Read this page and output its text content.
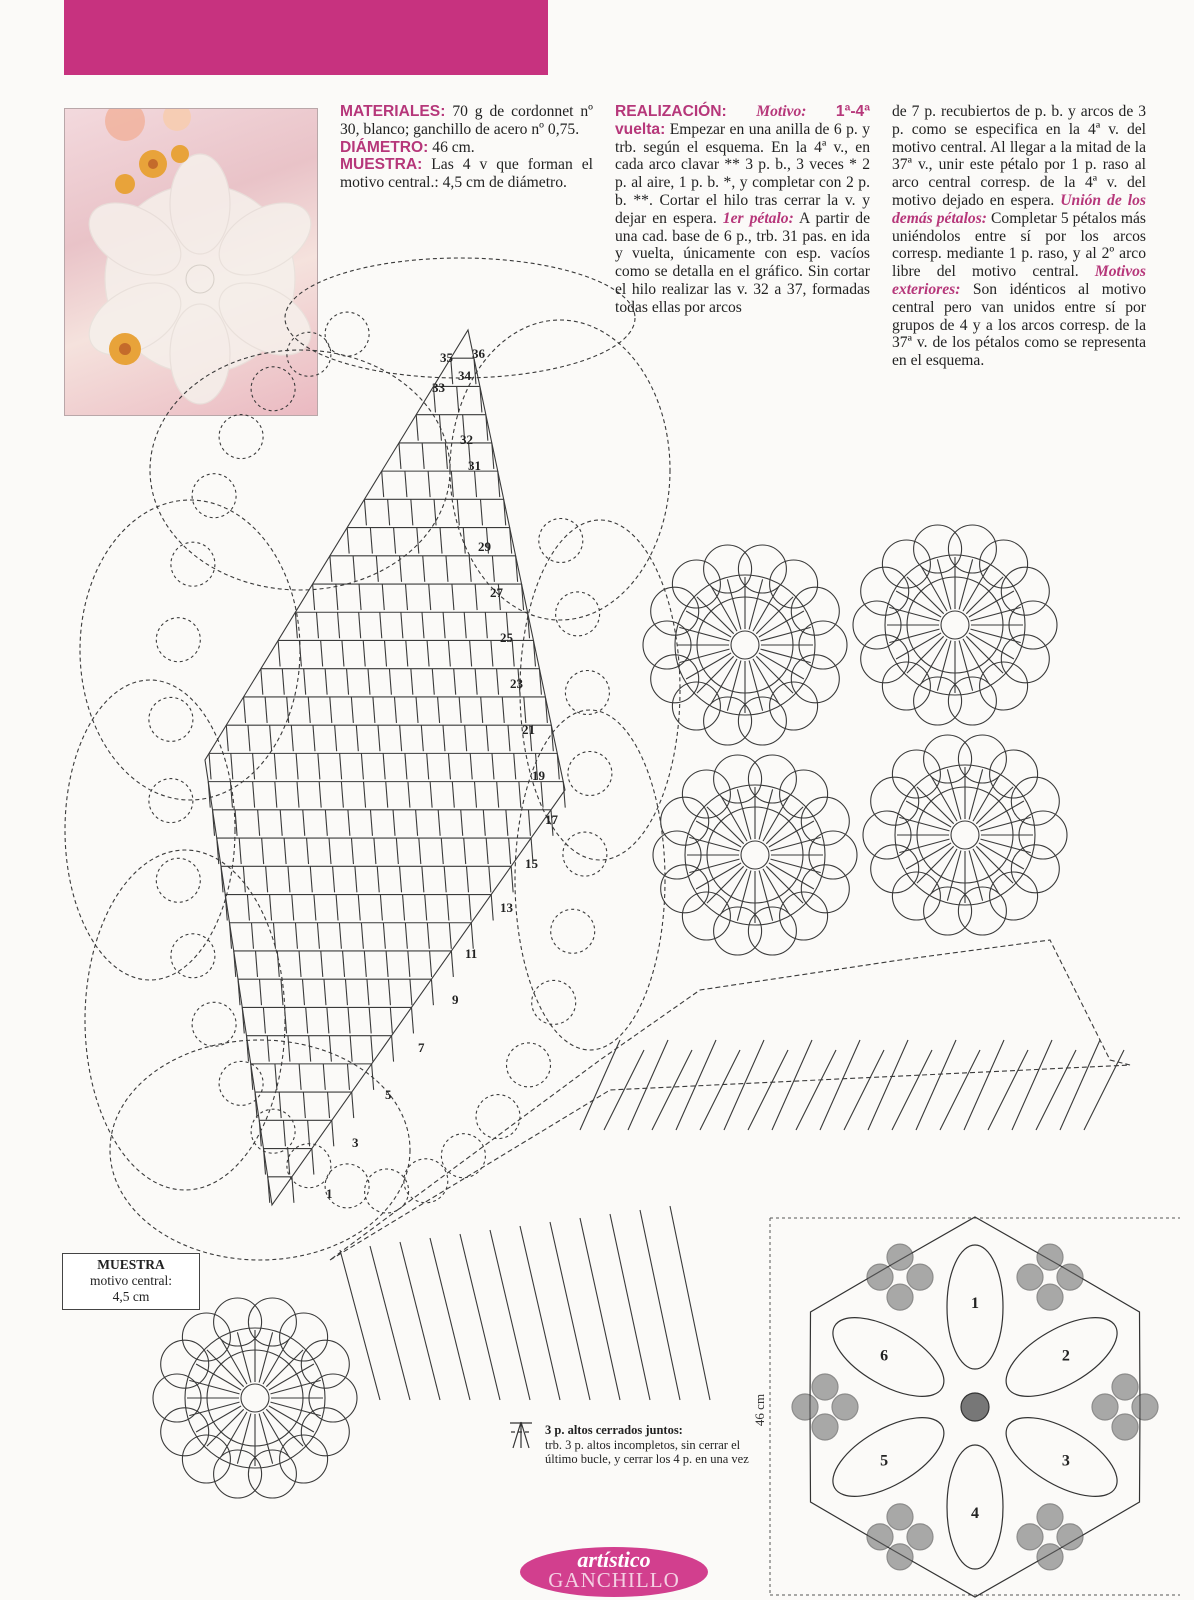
MATERIALES: 70 g de cordonnet nº 30, blanco; ganchillo de acero nº 0,75.

DIÁMETRO: 46 cm.

MUESTRA: Las 4 v que forman el motivo central.: 4,5 cm de diámetro.

REALIZACIÓN: Motivo: 1ª-4ª vuelta: Empezar en una anilla de 6 p. y trb. según el esquema. En la 4ª v., en cada arco clavar ** 3 p. b., 3 veces * 2 p. al aire, 1 p. b. *, y completar con 2 p. b. **. Cortar el hilo tras cerrar la v. y dejar en espera. 1er pétalo: A partir de una cad. base de 6 p., trb. 31 pas. en ida y vuelta, únicamente con esp. vacíos como se detalla en el gráfico. Sin cortar el hilo realizar las v. 32 a 37, formadas todas ellas por arcos

de 7 p. recubiertos de p. b. y arcos de 3 p. como se especifica en la 4ª v. del motivo central. Al llegar a la mitad de la 37ª v., unir este pétalo por 1 p. raso al arco central corresp. de la 4ª v. del motivo dejado en espera. Unión de los demás pétalos: Completar 5 pétalos más uniéndolos entre sí por los arcos corresp. mediante 1 p. raso, y al 2º arco libre del motivo central. Motivos exteriores: Son idénticos al motivo central pero van unidos entre sí por grupos de 4 y a los arcos corresp. de la 37ª v. de los pétalos como se representa en el esquema.

1
3
5
7
9
11
13
15
17
19
21
23
25
27
29
31
32
33
34
35 36
46 cm
1
2
3
4
5
6
MUESTRA
motivo central:
4,5 cm
3 p. altos cerrados juntos:
trb. 3 p. altos incompletos, sin cerrar el último bucle, y cerrar los 4 p. en una vez
artístico
GANCHILLO
